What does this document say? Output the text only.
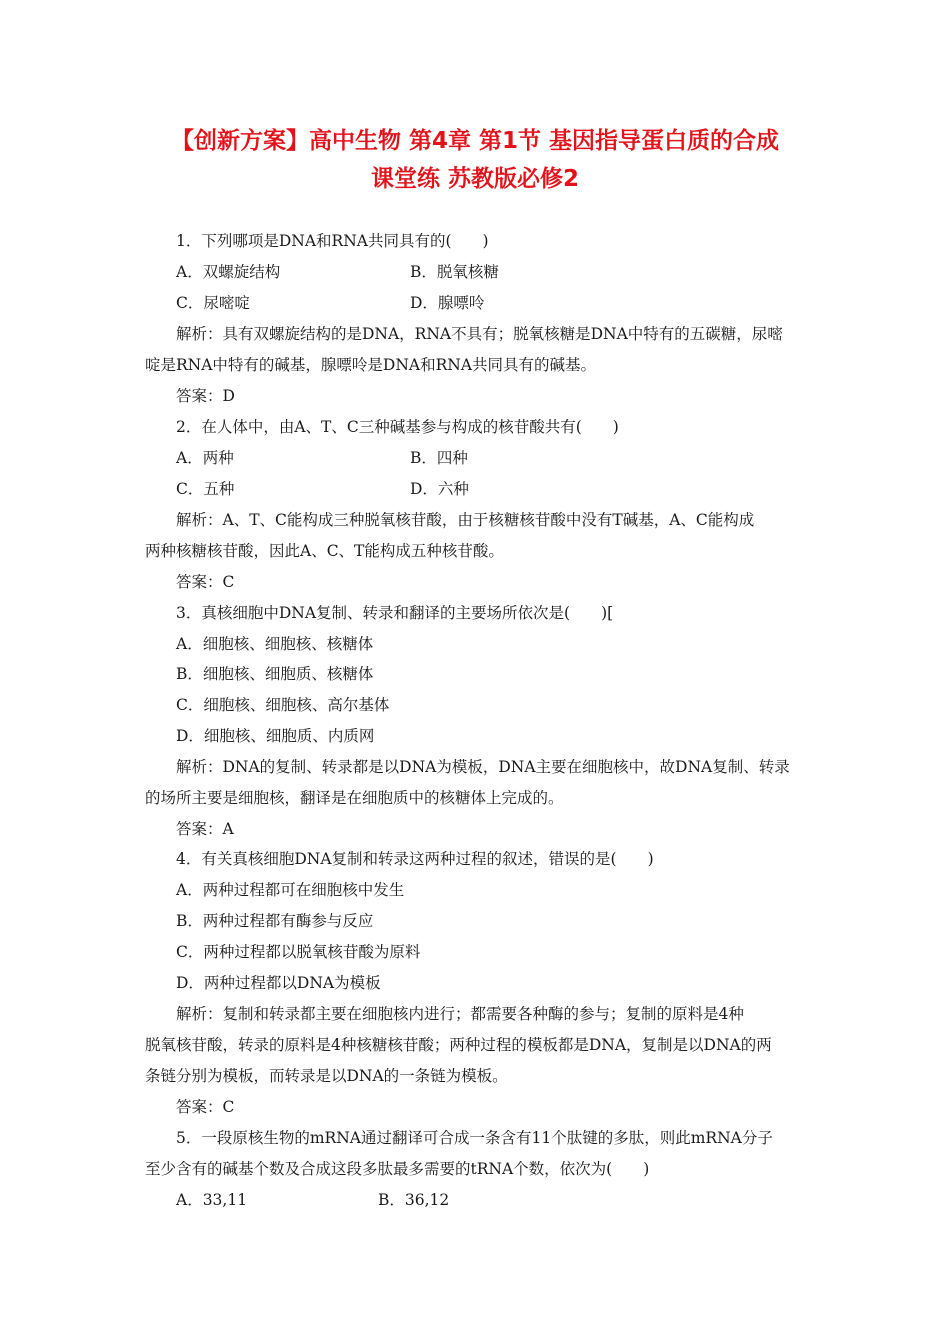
【创新方案】高中生物 第4章 第1节 基因指导蛋白质的合成
课堂练 苏教版必修2
1．下列哪项是DNA和RNA共同具有的(　　)
A．双螺旋结构	B．脱氧核糖
C．尿嘧啶	D．腺嘌呤
解析：具有双螺旋结构的是DNA，RNA不具有；脱氧核糖是DNA中特有的五碳糖，尿嘧
啶是RNA中特有的碱基，腺嘌呤是DNA和RNA共同具有的碱基。
答案：D
2．在人体中，由A、T、C三种碱基参与构成的核苷酸共有(　　)
A．两种	B．四种
C．五种	D．六种
解析：A、T、C能构成三种脱氧核苷酸，由于核糖核苷酸中没有T碱基，A、C能构成
两种核糖核苷酸，因此A、C、T能构成五种核苷酸。
答案：C
3．真核细胞中DNA复制、转录和翻译的主要场所依次是(　　)[
A．细胞核、细胞核、核糖体
B．细胞核、细胞质、核糖体
C．细胞核、细胞核、高尔基体
D．细胞核、细胞质、内质网
解析：DNA的复制、转录都是以DNA为模板，DNA主要在细胞核中，故DNA复制、转录
的场所主要是细胞核，翻译是在细胞质中的核糖体上完成的。
答案：A
4．有关真核细胞DNA复制和转录这两种过程的叙述，错误的是(　　)
A．两种过程都可在细胞核中发生
B．两种过程都有酶参与反应
C．两种过程都以脱氧核苷酸为原料
D．两种过程都以DNA为模板
解析：复制和转录都主要在细胞核内进行；都需要各种酶的参与；复制的原料是4种
脱氧核苷酸，转录的原料是4种核糖核苷酸；两种过程的模板都是DNA，复制是以DNA的两
条链分别为模板，而转录是以DNA的一条链为模板。
答案：C
5．一段原核生物的mRNA通过翻译可合成一条含有11个肽键的多肽，则此mRNA分子
至少含有的碱基个数及合成这段多肽最多需要的tRNA个数，依次为(　　)
A．33,11	B．36,12
